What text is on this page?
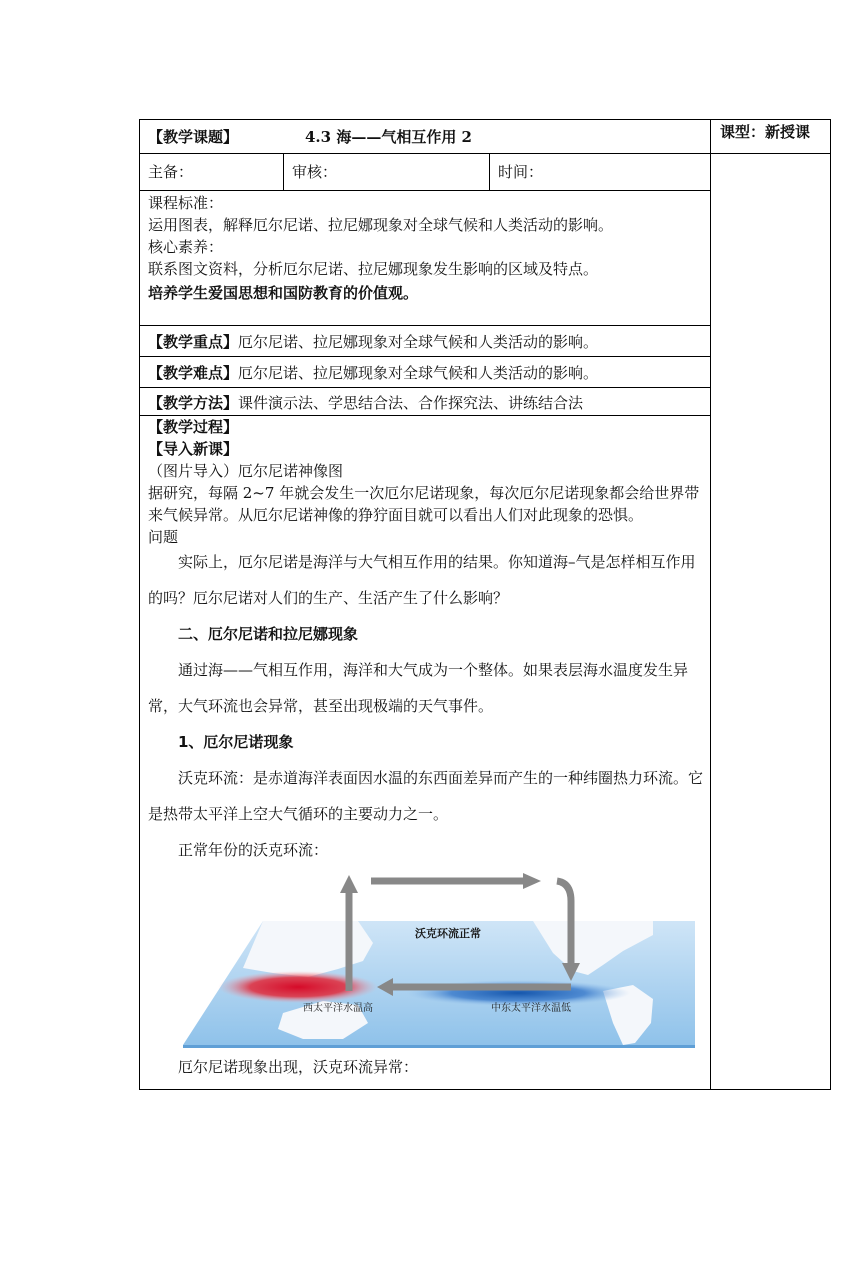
【教学课题】	4.3 海——气相互作用 2	课型：新授课
主备：	审核：	时间：
课程标准：
运用图表，解释厄尔尼诺、拉尼娜现象对全球气候和人类活动的影响。
核心素养：
联系图文资料，分析厄尔尼诺、拉尼娜现象发生影响的区域及特点。
培养学生爱国思想和国防教育的价值观。
【教学重点】厄尔尼诺、拉尼娜现象对全球气候和人类活动的影响。
【教学难点】厄尔尼诺、拉尼娜现象对全球气候和人类活动的影响。
【教学方法】课件演示法、学思结合法、合作探究法、讲练结合法
【教学过程】
【导入新课】
（图片导入）厄尔尼诺神像图
据研究，每隔 2~7 年就会发生一次厄尔尼诺现象，每次厄尔尼诺现象都会给世界带来气候异常。从厄尔尼诺神像的狰狞面目就可以看出人们对此现象的恐惧。
问题
实际上，厄尔尼诺是海洋与大气相互作用的结果。你知道海–气是怎样相互作用的吗？厄尔尼诺对人们的生产、生活产生了什么影响？
二、厄尔尼诺和拉尼娜现象
通过海——气相互作用，海洋和大气成为一个整体。如果表层海水温度发生异常，大气环流也会异常，甚至出现极端的天气事件。
1、厄尔尼诺现象
沃克环流：是赤道海洋表面因水温的东西面差异而产生的一种纬圈热力环流。它是热带太平洋上空大气循环的主要动力之一。
正常年份的沃克环流：
沃克环流正常
西太平洋水温高	中东太平洋水温低
厄尔尼诺现象出现，沃克环流异常：
